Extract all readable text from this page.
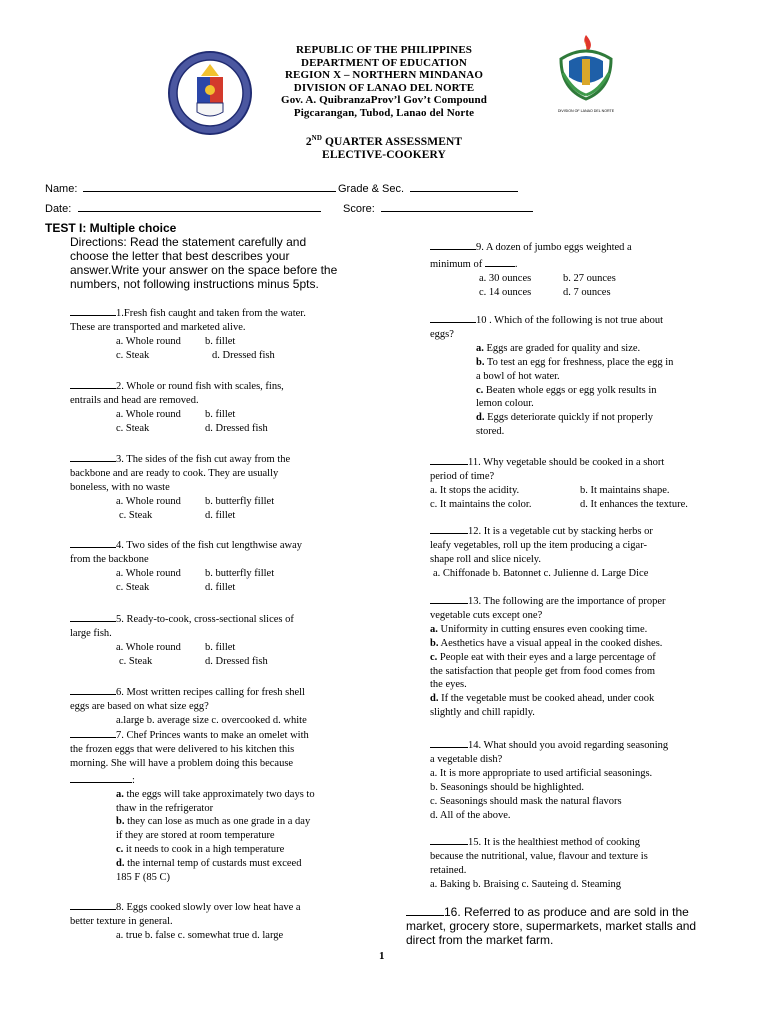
DIVISION OF LANAO DEL NORTE
REPUBLIC OF THE PHILIPPINES
DEPARTMENT OF EDUCATION
REGION X – NORTHERN MINDANAO
DIVISION OF LANAO DEL NORTE
Gov. A. QuibranzaProv’l Gov’t Compound
Pigcarangan, Tubod, Lanao del Norte
2ND QUARTER ASSESSMENT
ELECTIVE-COOKERY
Name:	Grade & Sec.
Date:	Score:
TEST I: Multiple choice
Directions: Read the statement carefully and
choose the letter that best describes your
answer.Write your answer on the space before the
numbers, not following instructions minus 5pts.
1.Fresh fish caught and taken from the water.
These are transported and marketed alive.
a. Whole round b. fillet
c. Steak	d. Dressed fish
2. Whole or round fish with scales, fins,
entrails and head are removed.
a. Whole round b. fillet
c. Steak	d. Dressed fish
3. The sides of the fish cut away from the
backbone and are ready to cook. They are usually
boneless, with no waste
a. Whole round b. butterfly fillet
c. Steak	d. fillet
4. Two sides of the fish cut lengthwise away
from the backbone
a. Whole round b. butterfly fillet
c. Steak	d. fillet
5. Ready-to-cook, cross-sectional slices of
large fish.
a. Whole round b. fillet
c. Steak	d. Dressed fish
6. Most written recipes calling for fresh shell
eggs are based on what size egg?
a.large b. average size c. overcooked d. white
7. Chef Princes wants to make an omelet with
the frozen eggs that were delivered to his kitchen this
morning. She will have a problem doing this because
:
a. the eggs will take approximately two days to
thaw in the refrigerator
b. they can lose as much as one grade in a day
if they are stored at room temperature
c. it needs to cook in a high temperature
d. the internal temp of custards must exceed
185 F (85 C)
8. Eggs cooked slowly over low heat have a
better texture in general.
a. true b. false c. somewhat true d. large
9. A dozen of jumbo eggs weighted a
minimum of	.
a. 30 ounces	b. 27 ounces
c. 14 ounces	d. 7 ounces
10 . Which of the following is not true about
eggs?
a. Eggs are graded for quality and size.
b. To test an egg for freshness, place the egg in
a bowl of hot water.
c. Beaten whole eggs or egg yolk results in
lemon colour.
d. Eggs deteriorate quickly if not properly
stored.
11. Why vegetable should be cooked in a short
period of time?
a. It stops the acidity.	b. It maintains shape.
c. It maintains the color.	d. It enhances the texture.
12. It is a vegetable cut by stacking herbs or
leafy vegetables, roll up the item producing a cigar-
shape roll and slice nicely.
a. Chiffonade b. Batonnet c. Julienne d. Large Dice
13. The following are the importance of proper
vegetable cuts except one?
a. Uniformity in cutting ensures even cooking time.
b. Aesthetics have a visual appeal in the cooked dishes.
c. People eat with their eyes and a large percentage of
the satisfaction that people get from food comes from
the eyes.
d. If the vegetable must be cooked ahead, under cook
slightly and chill rapidly.
14. What should you avoid regarding seasoning
a vegetable dish?
a. It is more appropriate to used artificial seasonings.
b. Seasonings should be highlighted.
c. Seasonings should mask the natural flavors
d. All of the above.
15. It is the healthiest method of cooking
because the nutritional, value, flavour and texture is
retained.
a. Baking b. Braising c. Sauteing d. Steaming
16. Referred to as produce and are sold in the
market, grocery store, supermarkets, market stalls and
direct from the market farm.
1
